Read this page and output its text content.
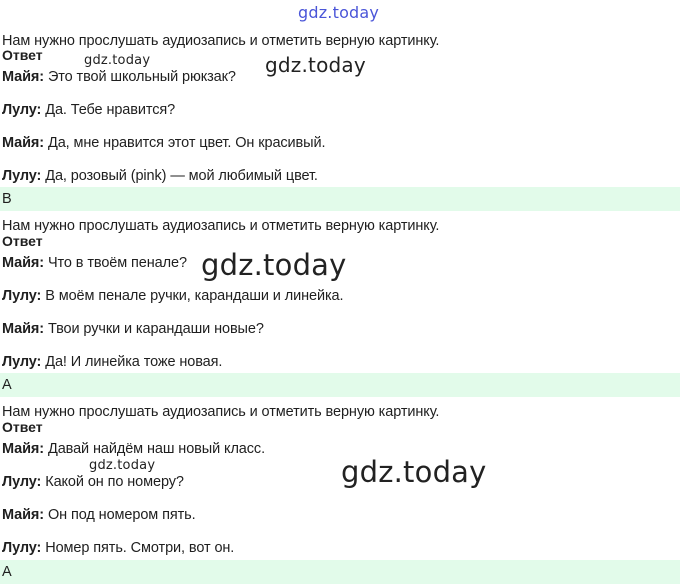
gdz.today
Нам нужно прослушать аудиозапись и отметить верную картинку.
Ответ
Майя: Это твой школьный рюкзак? gdz.today
gdz.today
Лулу: Да. Тебе нравится?
Майя: Да, мне нравится этот цвет. Он красивый.
Лулу: Да, розовый (pink) — мой любимый цвет.
B
Нам нужно прослушать аудиозапись и отметить верную картинку.
Ответ
Майя: Что в твоём пенале? gdz.today
Лулу: В моём пенале ручки, карандаши и линейка.
Майя: Твои ручки и карандаши новые?
Лулу: Да! И линейка тоже новая.
A
Нам нужно прослушать аудиозапись и отметить верную картинку.
Ответ
Майя: Давай найдём наш новый класс.
gdz.today	gdz.today
Лулу: Какой он по номеру?
Майя: Он под номером пять.
Лулу: Номер пять. Смотри, вот он.
A
